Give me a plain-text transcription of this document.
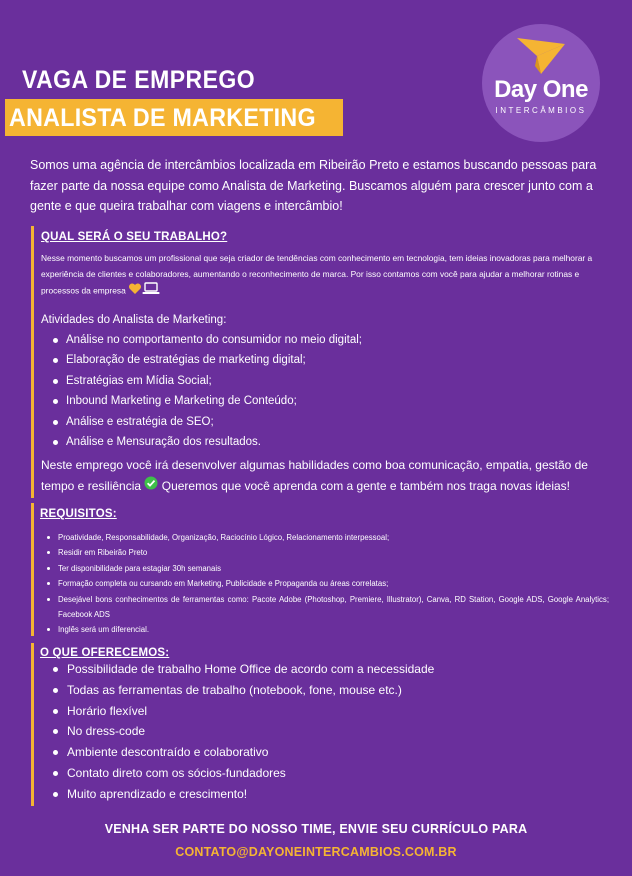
VAGA DE EMPREGO
ANALISTA DE MARKETING
Day One
INTERCÂMBIOS

Somos uma agência de intercâmbios localizada em Ribeirão Preto e estamos buscando pessoas para fazer parte da nossa equipe como Analista de Marketing. Buscamos alguém para crescer junto com a gente e que queira trabalhar com viagens e intercâmbio!

QUAL SERÁ O SEU TRABALHO?
Nesse momento buscamos um profissional que seja criador de tendências com conhecimento em tecnologia, tem ideias inovadoras para melhorar a experiência de clientes e colaboradores, aumentando o reconhecimento de marca. Por isso contamos com você para ajudar a melhorar rotinas e processos da empresa
Atividades do Analista de Marketing:
Análise no comportamento do consumidor no meio digital;
Elaboração de estratégias de marketing digital;
Estratégias em Mídia Social;
Inbound Marketing e Marketing de Conteúdo;
Análise e estratégia de SEO;
Análise e Mensuração dos resultados.
Neste emprego você irá desenvolver algumas habilidades como boa comunicação, empatia, gestão de tempo e resiliência Queremos que você aprenda com a gente e também nos traga novas ideias!
REQUISITOS:
Proatividade, Responsabilidade, Organização, Raciocínio Lógico, Relacionamento interpessoal;
Residir em Ribeirão Preto
Ter disponibilidade para estagiar 30h semanais
Formação completa ou cursando em Marketing, Publicidade e Propaganda ou áreas correlatas;
Desejável bons conhecimentos de ferramentas como: Pacote Adobe (Photoshop, Premiere, Illustrator), Canva, RD Station, Google ADS, Google Analytics; Facebook ADS
Inglês será um diferencial.
O QUE OFERECEMOS:
Possibilidade de trabalho Home Office de acordo com a necessidade
Todas as ferramentas de trabalho (notebook, fone, mouse etc.)
Horário flexível
No dress-code
Ambiente descontraído e colaborativo
Contato direto com os sócios-fundadores
Muito aprendizado e crescimento!
VENHA SER PARTE DO NOSSO TIME, ENVIE SEU CURRÍCULO PARA
CONTATO@DAYONEINTERCAMBIOS.COM.BR
